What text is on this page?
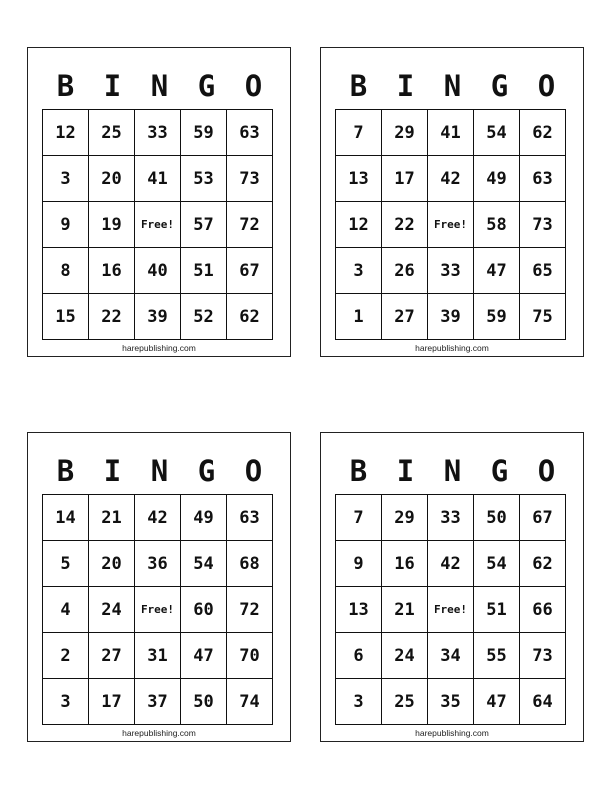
B	I	N	G	O
12	25	33	59	63
3	20	41	53	73
9	19	Free!	57	72
8	16	40	51	67
15	22	39	52	62
harepublishing.com
B	I	N	G	O
7	29	41	54	62
13	17	42	49	63
12	22	Free!	58	73
3	26	33	47	65
1	27	39	59	75
harepublishing.com
B	I	N	G	O
14	21	42	49	63
5	20	36	54	68
4	24	Free!	60	72
2	27	31	47	70
3	17	37	50	74
harepublishing.com
B	I	N	G	O
7	29	33	50	67
9	16	42	54	62
13	21	Free!	51	66
6	24	34	55	73
3	25	35	47	64
harepublishing.com
